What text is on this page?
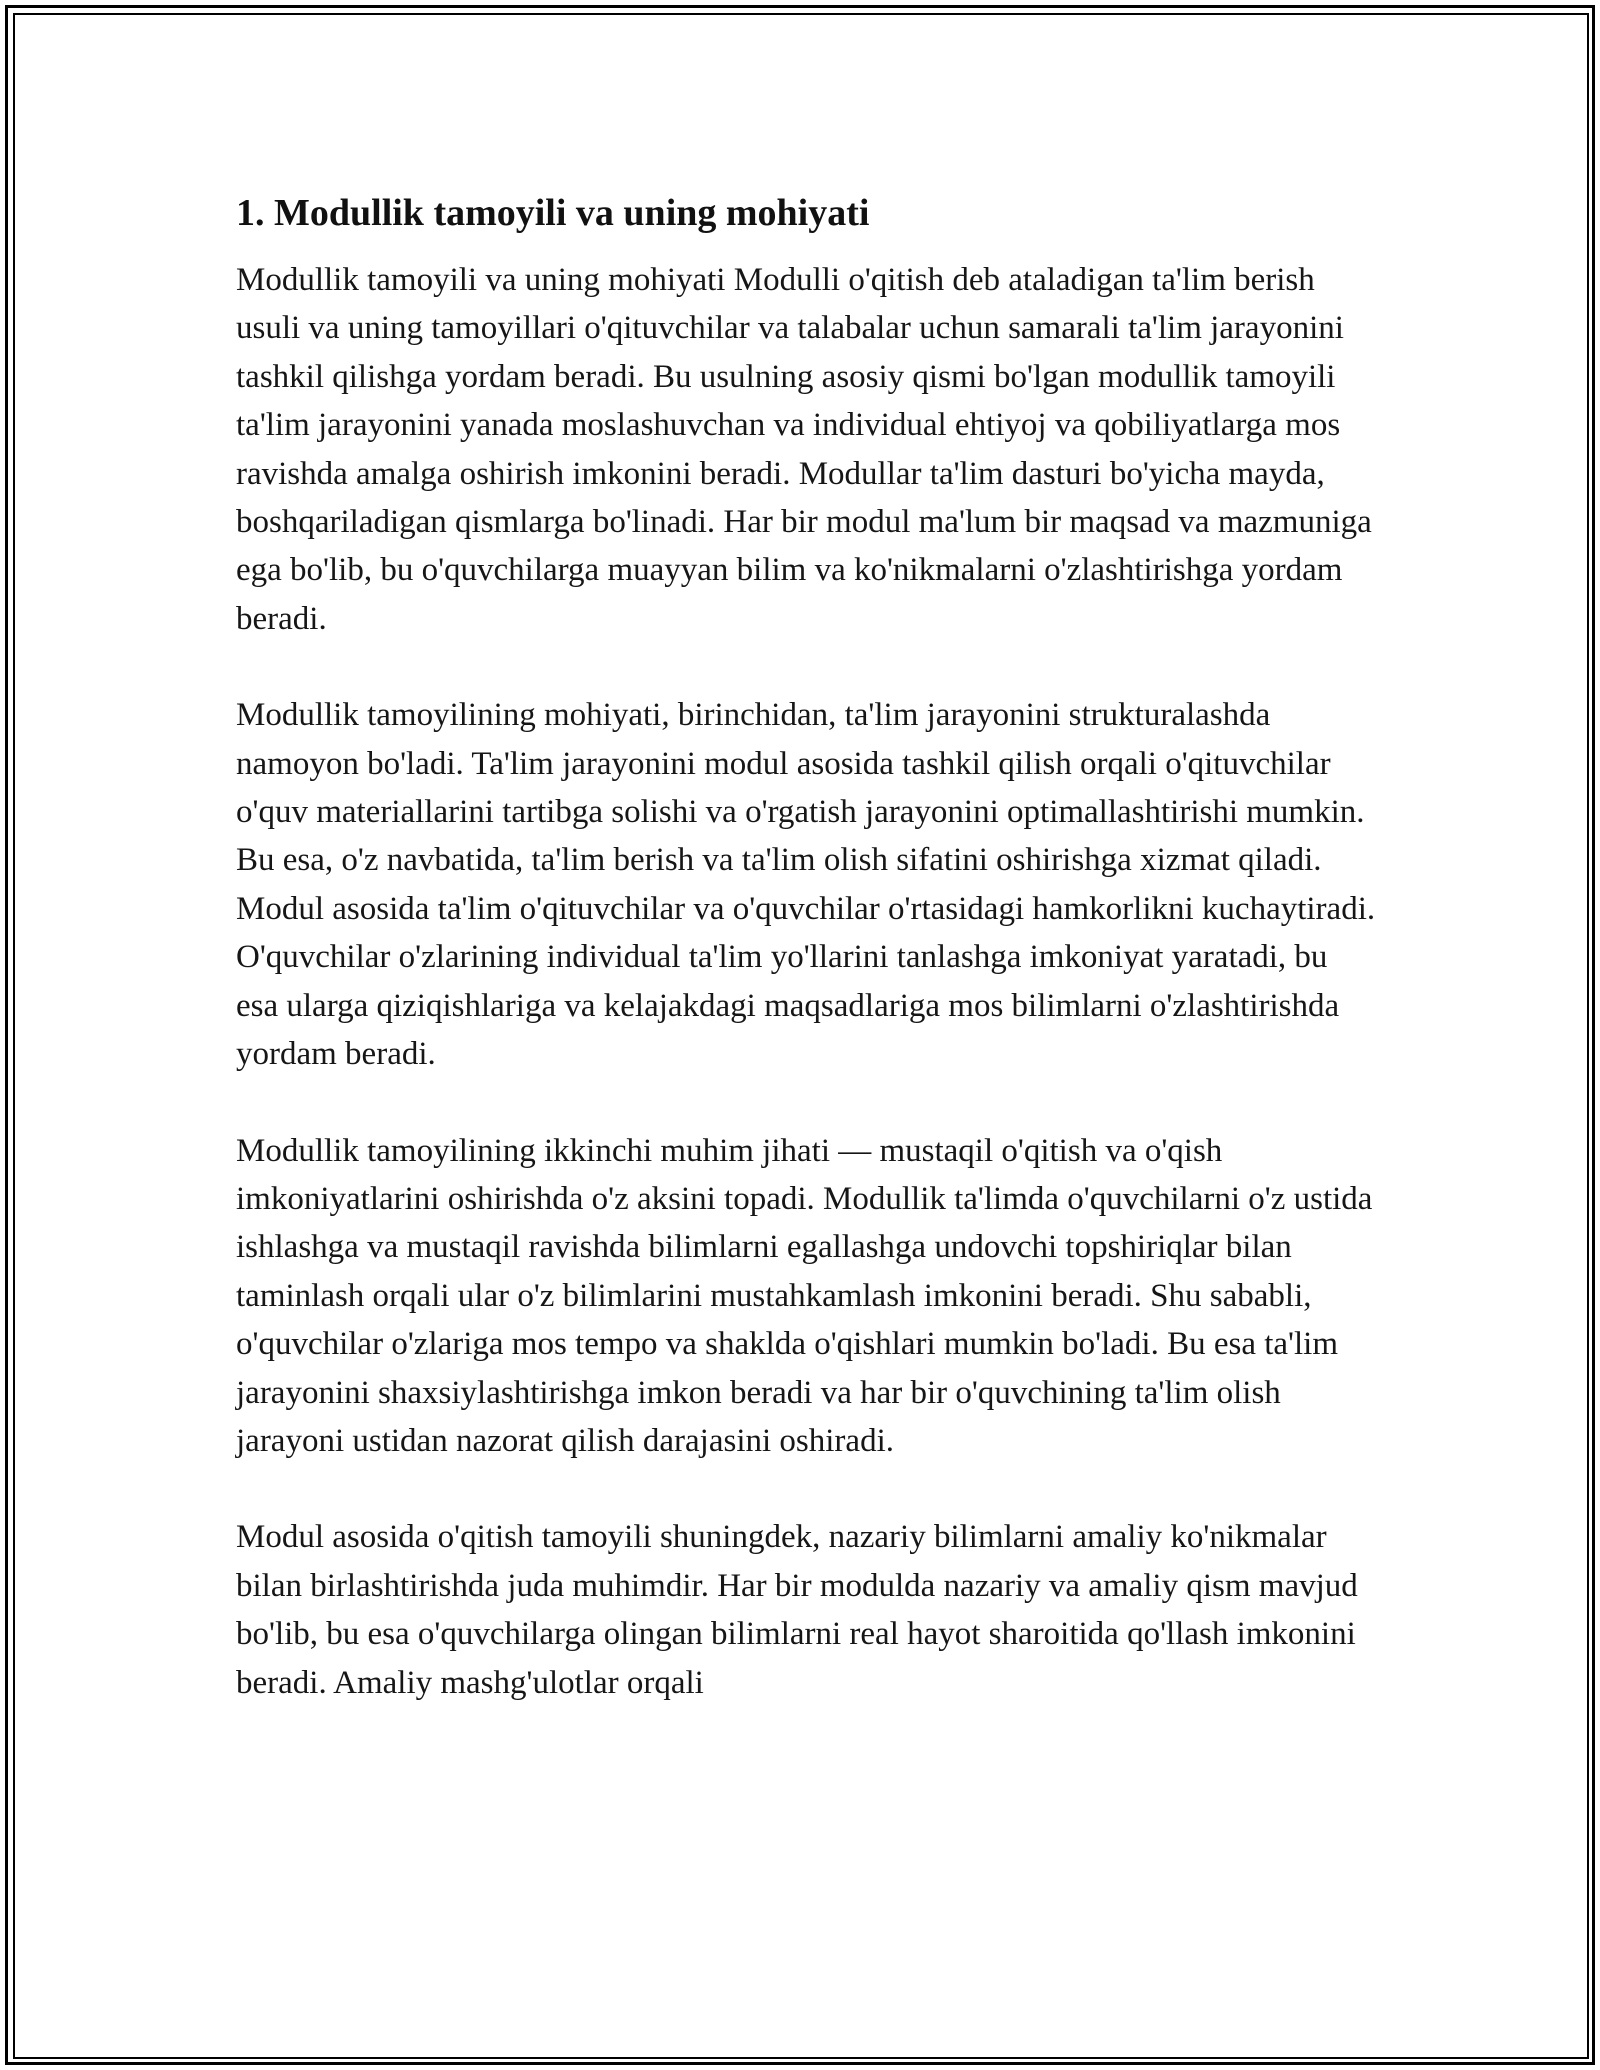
1. Modullik tamoyili va uning mohiyati

Modullik tamoyili va uning mohiyati Modulli o'qitish deb ataladigan ta'lim berish usuli va uning tamoyillari o'qituvchilar va talabalar uchun samarali ta'lim jarayonini tashkil qilishga yordam beradi. Bu usulning asosiy qismi bo'lgan modullik tamoyili ta'lim jarayonini yanada moslashuvchan va individual ehtiyoj va qobiliyatlarga mos ravishda amalga oshirish imkonini beradi. Modullar ta'lim dasturi bo'yicha mayda, boshqariladigan qismlarga bo'linadi. Har bir modul ma'lum bir maqsad va mazmuniga ega bo'lib, bu o'quvchilarga muayyan bilim va ko'nikmalarni o'zlashtirishga yordam beradi.

Modullik tamoyilining mohiyati, birinchidan, ta'lim jarayonini strukturalashda namoyon bo'ladi. Ta'lim jarayonini modul asosida tashkil qilish orqali o'qituvchilar o'quv materiallarini tartibga solishi va o'rgatish jarayonini optimallashtirishi mumkin. Bu esa, o'z navbatida, ta'lim berish va ta'lim olish sifatini oshirishga xizmat qiladi. Modul asosida ta'lim o'qituvchilar va o'quvchilar o'rtasidagi hamkorlikni kuchaytiradi. O'quvchilar o'zlarining individual ta'lim yo'llarini tanlashga imkoniyat yaratadi, bu esa ularga qiziqishlariga va kelajakdagi maqsadlariga mos bilimlarni o'zlashtirishda yordam beradi.

Modullik tamoyilining ikkinchi muhim jihati — mustaqil o'qitish va o'qish imkoniyatlarini oshirishda o'z aksini topadi. Modullik ta'limda o'quvchilarni o'z ustida ishlashga va mustaqil ravishda bilimlarni egallashga undovchi topshiriqlar bilan taminlash orqali ular o'z bilimlarini mustahkamlash imkonini beradi. Shu sababli, o'quvchilar o'zlariga mos tempo va shaklda o'qishlari mumkin bo'ladi. Bu esa ta'lim jarayonini shaxsiylashtirishga imkon beradi va har bir o'quvchining ta'lim olish jarayoni ustidan nazorat qilish darajasini oshiradi.

Modul asosida o'qitish tamoyili shuningdek, nazariy bilimlarni amaliy ko'nikmalar bilan birlashtirishda juda muhimdir. Har bir modulda nazariy va amaliy qism mavjud bo'lib, bu esa o'quvchilarga olingan bilimlarni real hayot sharoitida qo'llash imkonini beradi. Amaliy mashg'ulotlar orqali
